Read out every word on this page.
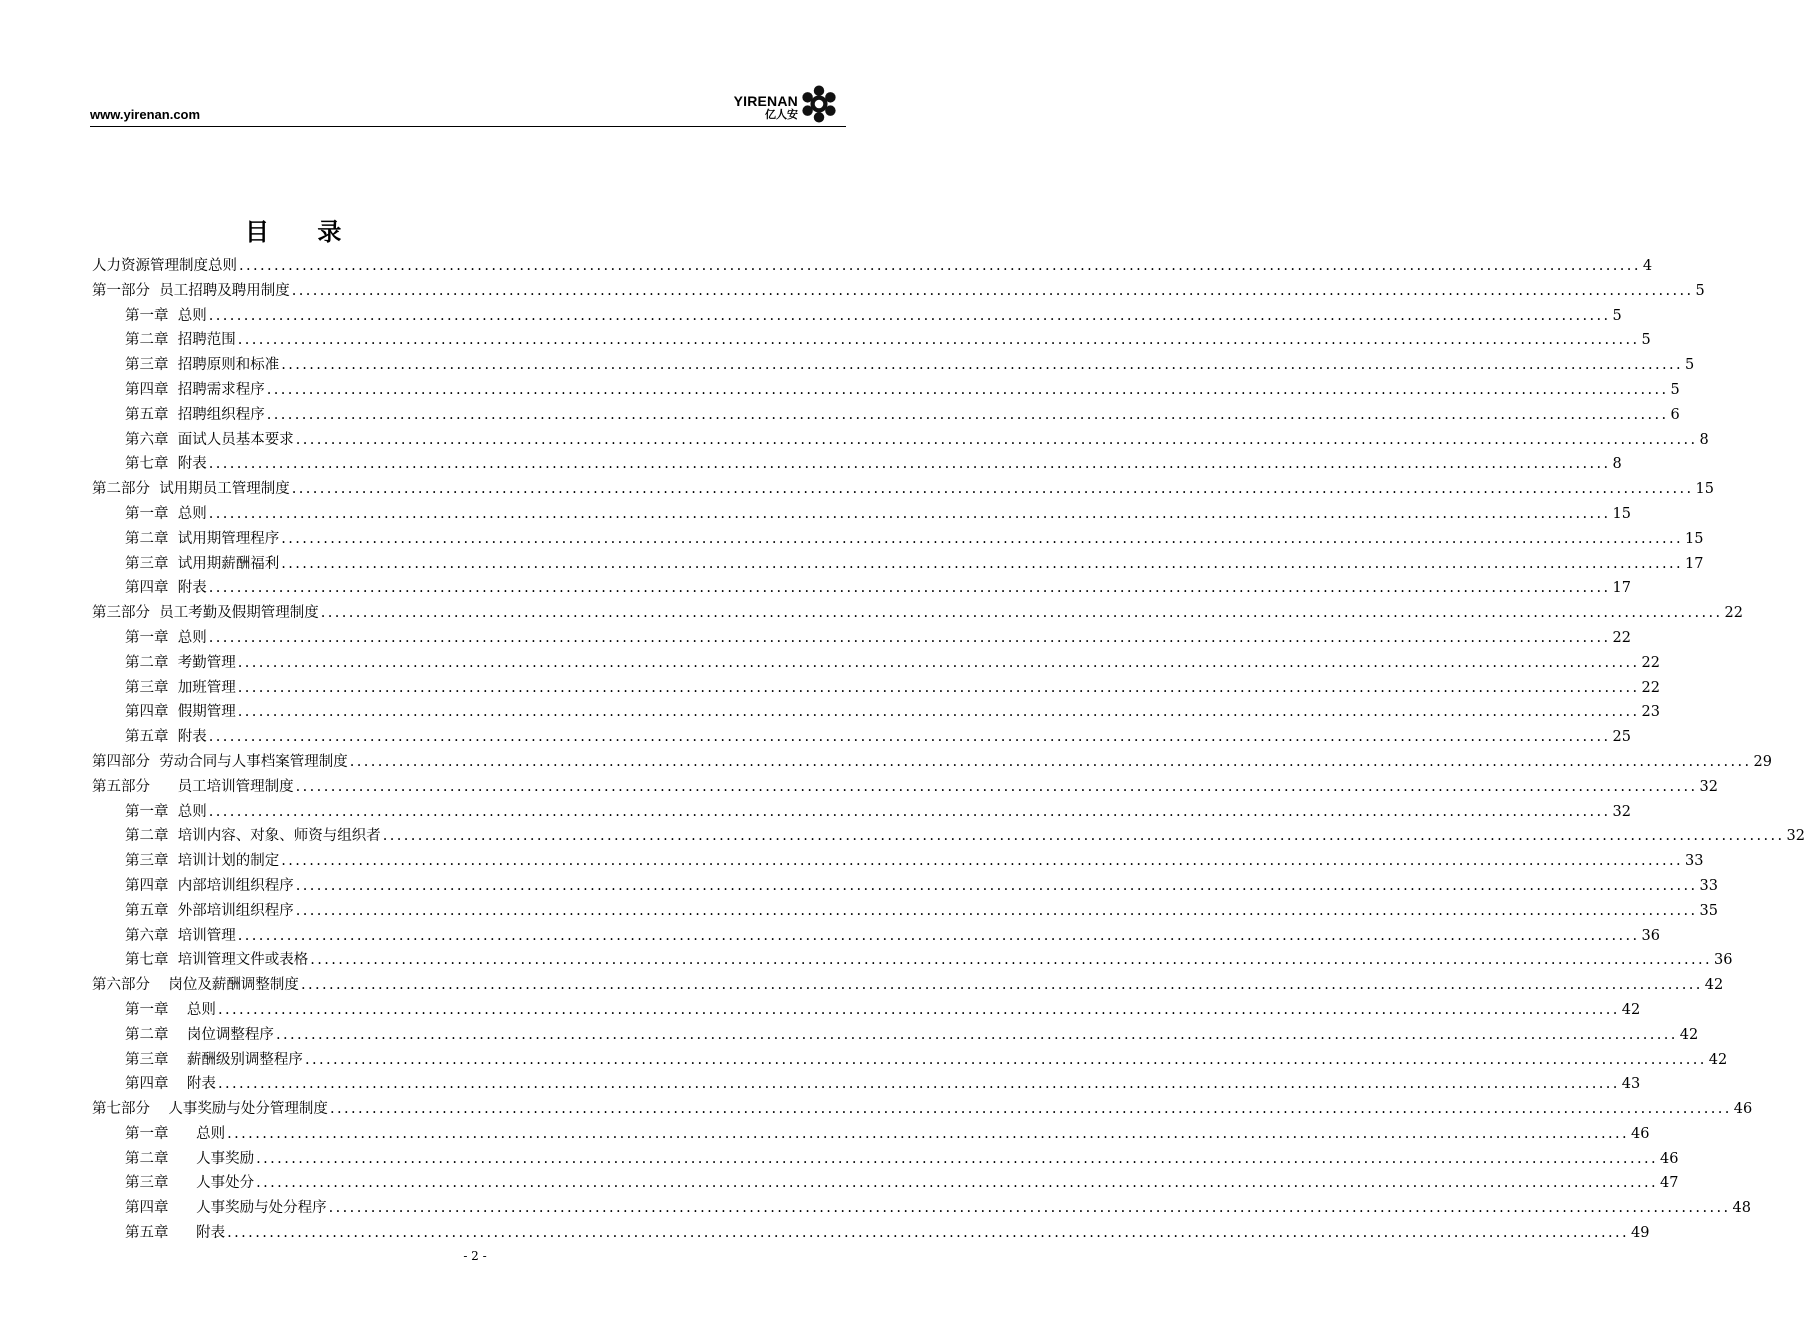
www.yirenan.com
YIRENAN
亿人安
目 录
人力资源管理制度总则 ........................................................................................................................................................................................................ 4
第一部分  员工招聘及聘用制度 ........................................................................................................................................................................................................ 5
第一章  总则 ........................................................................................................................................................................................................ 5
第二章  招聘范围 ........................................................................................................................................................................................................ 5
第三章  招聘原则和标准 ........................................................................................................................................................................................................ 5
第四章  招聘需求程序 ........................................................................................................................................................................................................ 5
第五章  招聘组织程序 ........................................................................................................................................................................................................ 6
第六章  面试人员基本要求 ........................................................................................................................................................................................................ 8
第七章  附表 ........................................................................................................................................................................................................ 8
第二部分  试用期员工管理制度 ........................................................................................................................................................................................................ 15
第一章  总则 ........................................................................................................................................................................................................ 15
第二章  试用期管理程序 ........................................................................................................................................................................................................ 15
第三章  试用期薪酬福利 ........................................................................................................................................................................................................ 17
第四章  附表 ........................................................................................................................................................................................................ 17
第三部分  员工考勤及假期管理制度 ........................................................................................................................................................................................................ 22
第一章  总则 ........................................................................................................................................................................................................ 22
第二章  考勤管理 ........................................................................................................................................................................................................ 22
第三章  加班管理 ........................................................................................................................................................................................................ 22
第四章  假期管理 ........................................................................................................................................................................................................ 23
第五章  附表 ........................................................................................................................................................................................................ 25
第四部分  劳动合同与人事档案管理制度 ........................................................................................................................................................................................................ 29
第五部分      员工培训管理制度 ........................................................................................................................................................................................................ 32
第一章  总则 ........................................................................................................................................................................................................ 32
第二章  培训内容、对象、师资与组织者 ........................................................................................................................................................................................................ 32
第三章  培训计划的制定 ........................................................................................................................................................................................................ 33
第四章  内部培训组织程序 ........................................................................................................................................................................................................ 33
第五章  外部培训组织程序 ........................................................................................................................................................................................................ 35
第六章  培训管理 ........................................................................................................................................................................................................ 36
第七章  培训管理文件或表格 ........................................................................................................................................................................................................ 36
第六部分    岗位及薪酬调整制度 ........................................................................................................................................................................................................ 42
第一章    总则 ........................................................................................................................................................................................................ 42
第二章    岗位调整程序 ........................................................................................................................................................................................................ 42
第三章    薪酬级别调整程序 ........................................................................................................................................................................................................ 42
第四章    附表 ........................................................................................................................................................................................................ 43
第七部分    人事奖励与处分管理制度 ........................................................................................................................................................................................................ 46
第一章      总则 ........................................................................................................................................................................................................ 46
第二章      人事奖励 ........................................................................................................................................................................................................ 46
第三章      人事处分 ........................................................................................................................................................................................................ 47
第四章      人事奖励与处分程序 ........................................................................................................................................................................................................ 48
第五章      附表 ........................................................................................................................................................................................................ 49
- 2 -
